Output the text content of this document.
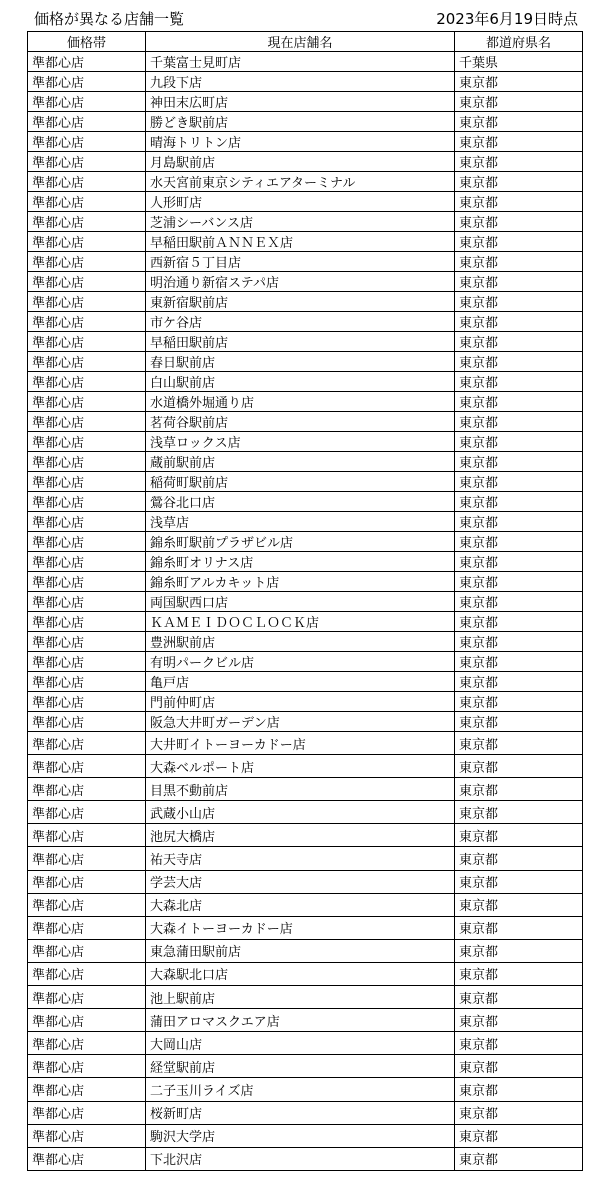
価格が異なる店舗一覧	2023年6月19日時点
価格帯	現在店舗名	都道府県名
準都心店	千葉富士見町店	千葉県
準都心店	九段下店	東京都
準都心店	神田末広町店	東京都
準都心店	勝どき駅前店	東京都
準都心店	晴海トリトン店	東京都
準都心店	月島駅前店	東京都
準都心店	水天宮前東京シティエアターミナル	東京都
準都心店	人形町店	東京都
準都心店	芝浦シーバンス店	東京都
準都心店	早稲田駅前ＡＮＮＥＸ店	東京都
準都心店	西新宿５丁目店	東京都
準都心店	明治通り新宿ステパ店	東京都
準都心店	東新宿駅前店	東京都
準都心店	市ケ谷店	東京都
準都心店	早稲田駅前店	東京都
準都心店	春日駅前店	東京都
準都心店	白山駅前店	東京都
準都心店	水道橋外堀通り店	東京都
準都心店	茗荷谷駅前店	東京都
準都心店	浅草ロックス店	東京都
準都心店	蔵前駅前店	東京都
準都心店	稲荷町駅前店	東京都
準都心店	鶯谷北口店	東京都
準都心店	浅草店	東京都
準都心店	錦糸町駅前プラザビル店	東京都
準都心店	錦糸町オリナス店	東京都
準都心店	錦糸町アルカキット店	東京都
準都心店	両国駅西口店	東京都
準都心店	ＫＡＭＥＩＤＯＣＬＯＣＫ店	東京都
準都心店	豊洲駅前店	東京都
準都心店	有明パークビル店	東京都
準都心店	亀戸店	東京都
準都心店	門前仲町店	東京都
準都心店	阪急大井町ガーデン店	東京都
準都心店	大井町イトーヨーカドー店	東京都
準都心店	大森ベルポート店	東京都
準都心店	目黒不動前店	東京都
準都心店	武蔵小山店	東京都
準都心店	池尻大橋店	東京都
準都心店	祐天寺店	東京都
準都心店	学芸大店	東京都
準都心店	大森北店	東京都
準都心店	大森イトーヨーカドー店	東京都
準都心店	東急蒲田駅前店	東京都
準都心店	大森駅北口店	東京都
準都心店	池上駅前店	東京都
準都心店	蒲田アロマスクエア店	東京都
準都心店	大岡山店	東京都
準都心店	経堂駅前店	東京都
準都心店	二子玉川ライズ店	東京都
準都心店	桜新町店	東京都
準都心店	駒沢大学店	東京都
準都心店	下北沢店	東京都
